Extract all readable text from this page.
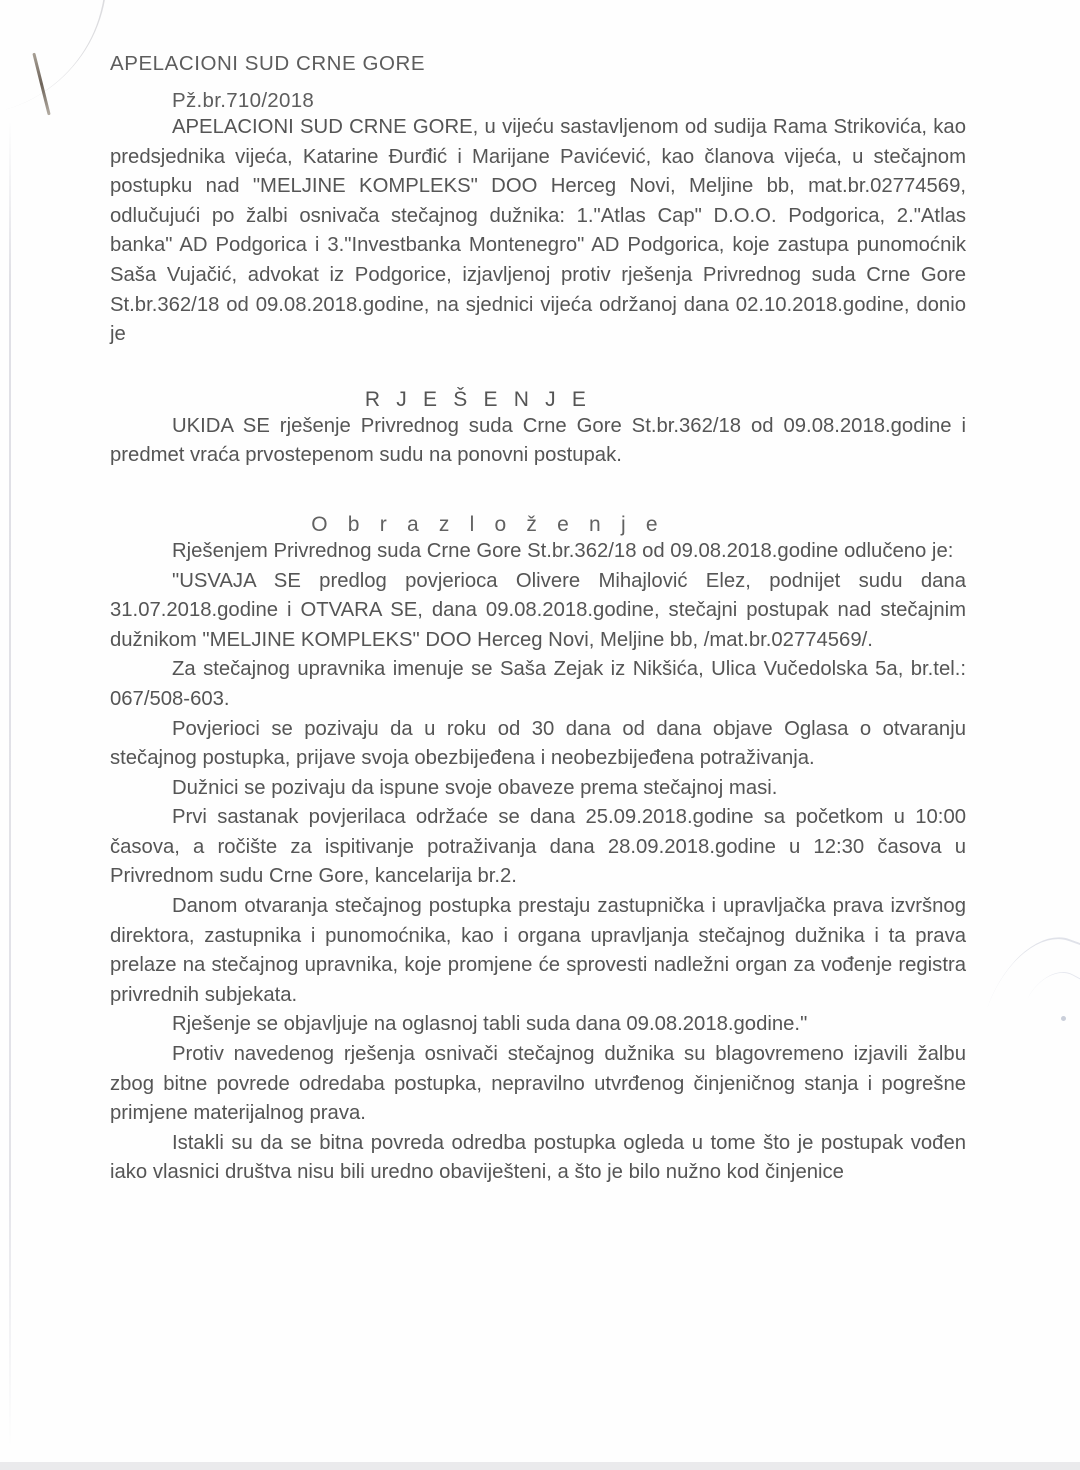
APELACIONI SUD CRNE GORE
Pž.br.710/2018

APELACIONI SUD CRNE GORE, u vijeću sastavljenom od sudija Rama Strikovića, kao predsjednika vijeća, Katarine Đurđić i Marijane Pavićević, kao članova vijeća, u stečajnom postupku nad "MELJINE KOMPLEKS" DOO Herceg Novi, Meljine bb, mat.br.02774569, odlučujući po žalbi osnivača stečajnog dužnika: 1."Atlas Cap" D.O.O. Podgorica, 2."Atlas banka" AD Podgorica i 3."Investbanka Montenegro" AD Podgorica, koje zastupa punomoćnik Saša Vujačić, advokat iz Podgorice, izjavljenoj protiv rješenja Privrednog suda Crne Gore St.br.362/18 od 09.08.2018.godine, na sjednici vijeća održanoj dana 02.10.2018.godine, donio je

R J E Š E N J E

UKIDA SE rješenje Privrednog suda Crne Gore St.br.362/18 od 09.08.2018.godine i predmet vraća prvostepenom sudu na ponovni postupak.

O b r a z l o ž e n j e

Rješenjem Privrednog suda Crne Gore St.br.362/18 od 09.08.2018.godine odlučeno je:

"USVAJA SE predlog povjerioca Olivere Mihajlović Elez, podnijet sudu dana 31.07.2018.godine i OTVARA SE, dana 09.08.2018.godine, stečajni postupak nad stečajnim dužnikom "MELJINE KOMPLEKS" DOO Herceg Novi, Meljine bb, /mat.br.02774569/.

Za stečajnog upravnika imenuje se Saša Zejak iz Nikšića, Ulica Vučedolska 5a, br.tel.: 067/508-603.

Povjerioci se pozivaju da u roku od 30 dana od dana objave Oglasa o otvaranju stečajnog postupka, prijave svoja obezbijeđena i neobezbijeđena potraživanja.

Dužnici se pozivaju da ispune svoje obaveze prema stečajnoj masi.

Prvi sastanak povjerilaca održaće se dana 25.09.2018.godine sa početkom u 10:00 časova, a ročište za ispitivanje potraživanja dana 28.09.2018.godine u 12:30 časova u Privrednom sudu Crne Gore, kancelarija br.2.

Danom otvaranja stečajnog postupka prestaju zastupnička i upravljačka prava izvršnog direktora, zastupnika i punomoćnika, kao i organa upravljanja stečajnog dužnika i ta prava prelaze na stečajnog upravnika, koje promjene će sprovesti nadležni organ za vođenje registra privrednih subjekata.

Rješenje se objavljuje na oglasnoj tabli suda dana 09.08.2018.godine."

Protiv navedenog rješenja osnivači stečajnog dužnika su blagovremeno izjavili žalbu zbog bitne povrede odredaba postupka, nepravilno utvrđenog činjeničnog stanja i pogrešne primjene materijalnog prava.

Istakli su da se bitna povreda odredba postupka ogleda u tome što je postupak vođen iako vlasnici društva nisu bili uredno obaviješteni, a što je bilo nužno kod činjenice
